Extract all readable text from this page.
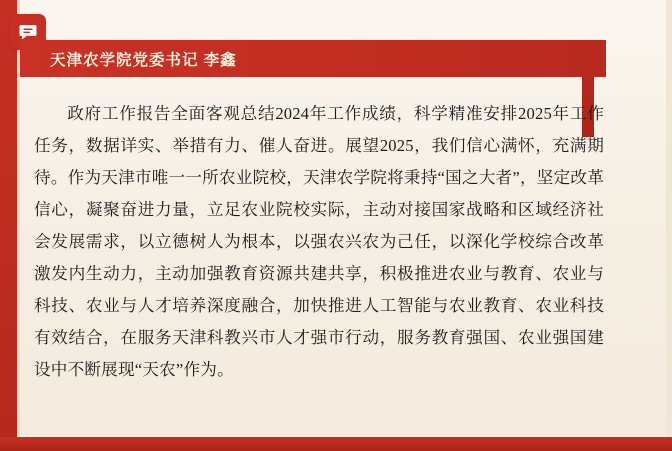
天津农学院党委书记 李鑫

政府工作报告全面客观总结2024年工作成绩，科学精准安排2025年工作任务，数据详实、举措有力、催人奋进。展望2025，我们信心满怀，充满期待。作为天津市唯一一所农业院校，天津农学院将秉持“国之大者”，坚定改革信心，凝聚奋进力量，立足农业院校实际，主动对接国家战略和区域经济社会发展需求，以立德树人为根本，以强农兴农为己任，以深化学校综合改革激发内生动力，主动加强教育资源共建共享，积极推进农业与教育、农业与科技、农业与人才培养深度融合，加快推进人工智能与农业教育、农业科技有效结合，在服务天津科教兴市人才强市行动，服务教育强国、农业强国建设中不断展现“天农”作为。
